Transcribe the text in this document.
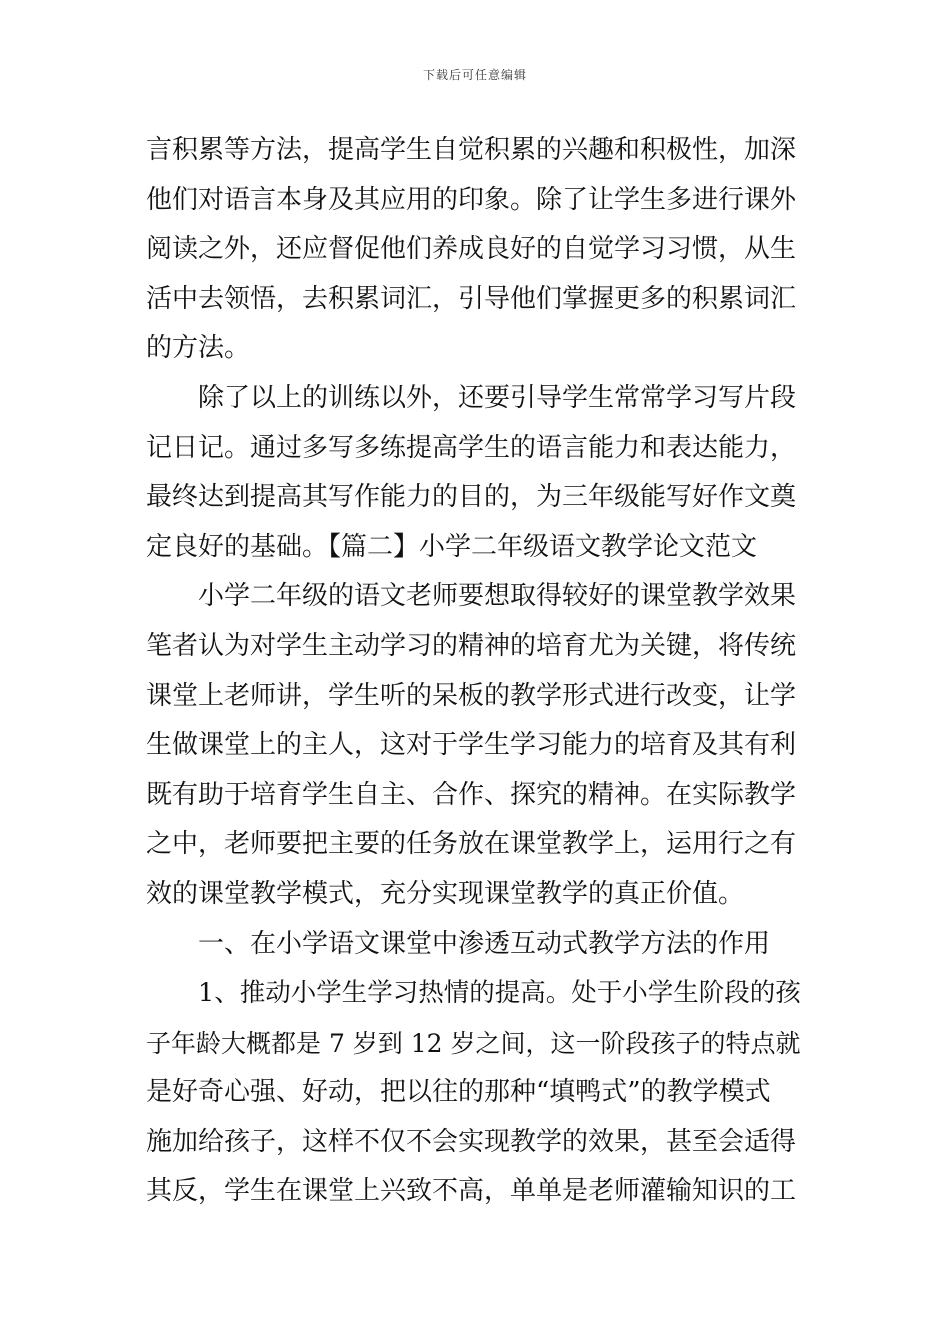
下载后可任意编辑
言积累等方法，提高学生自觉积累的兴趣和积极性，加深
他们对语言本身及其应用的印象。除了让学生多进行课外
阅读之外，还应督促他们养成良好的自觉学习习惯，从生
活中去领悟，去积累词汇，引导他们掌握更多的积累词汇
的方法。
除了以上的训练以外，还要引导学生常常学习写片段
记日记。通过多写多练提高学生的语言能力和表达能力，
最终达到提高其写作能力的目的，为三年级能写好作文奠
定良好的基础。【篇二】小学二年级语文教学论文范文
小学二年级的语文老师要想取得较好的课堂教学效果
笔者认为对学生主动学习的精神的培育尤为关键，将传统
课堂上老师讲，学生听的呆板的教学形式进行改变，让学
生做课堂上的主人，这对于学生学习能力的培育及其有利
既有助于培育学生自主、合作、探究的精神。在实际教学
之中，老师要把主要的任务放在课堂教学上，运用行之有
效的课堂教学模式，充分实现课堂教学的真正价值。
一、在小学语文课堂中渗透互动式教学方法的作用
1、推动小学生学习热情的提高。处于小学生阶段的孩
子年龄大概都是 7 岁到 12 岁之间，这一阶段孩子的特点就
是好奇心强、好动，把以往的那种“填鸭式”的教学模式
施加给孩子，这样不仅不会实现教学的效果，甚至会适得
其反，学生在课堂上兴致不高，单单是老师灌输知识的工
